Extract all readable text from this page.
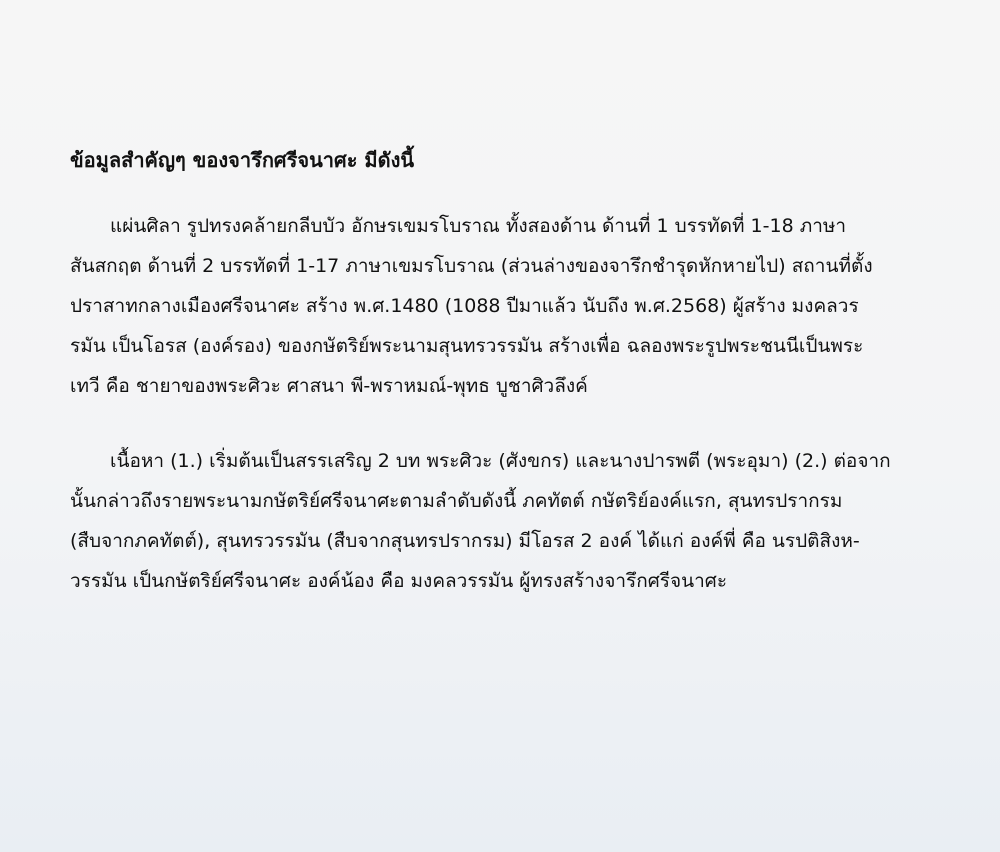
ข้อมูลสำคัญๆ ของจารึกศรีจนาศะ มีดังนี้

แผ่นศิลา รูปทรงคล้ายกลีบบัว อักษรเขมรโบราณ ทั้งสองด้าน ด้านที่ 1 บรรทัดที่ 1-18 ภาษา
สันสกฤต ด้านที่ 2 บรรทัดที่ 1-17 ภาษาเขมรโบราณ (ส่วนล่างของจารึกชำรุดหักหายไป) สถานที่ตั้ง
ปราสาทกลางเมืองศรีจนาศะ สร้าง พ.ศ.1480 (1088 ปีมาแล้ว นับถึง พ.ศ.2568) ผู้สร้าง มงคลวร
รมัน เป็นโอรส (องค์รอง) ของกษัตริย์พระนามสุนทรวรรมัน สร้างเพื่อ ฉลองพระรูปพระชนนีเป็นพระ
เทวี คือ ชายาของพระศิวะ ศาสนา พี-พราหมณ์-พุทธ บูชาศิวลึงค์

เนื้อหา (1.) เริ่มต้นเป็นสรรเสริญ 2 บท พระศิวะ (ศังขกร) และนางปารพตี (พระอุมา) (2.) ต่อจาก
นั้นกล่าวถึงรายพระนามกษัตริย์ศรีจนาศะตามลำดับดังนี้ ภคทัตต์ กษัตริย์องค์แรก, สุนทรปรากรม
(สืบจากภคทัตต์), สุนทรวรรมัน (สืบจากสุนทรปรากรม) มีโอรส 2 องค์ ได้แก่ องค์พี่ คือ นรปติสิงห-
วรรมัน เป็นกษัตริย์ศรีจนาศะ องค์น้อง คือ มงคลวรรมัน ผู้ทรงสร้างจารึกศรีจนาศะ
